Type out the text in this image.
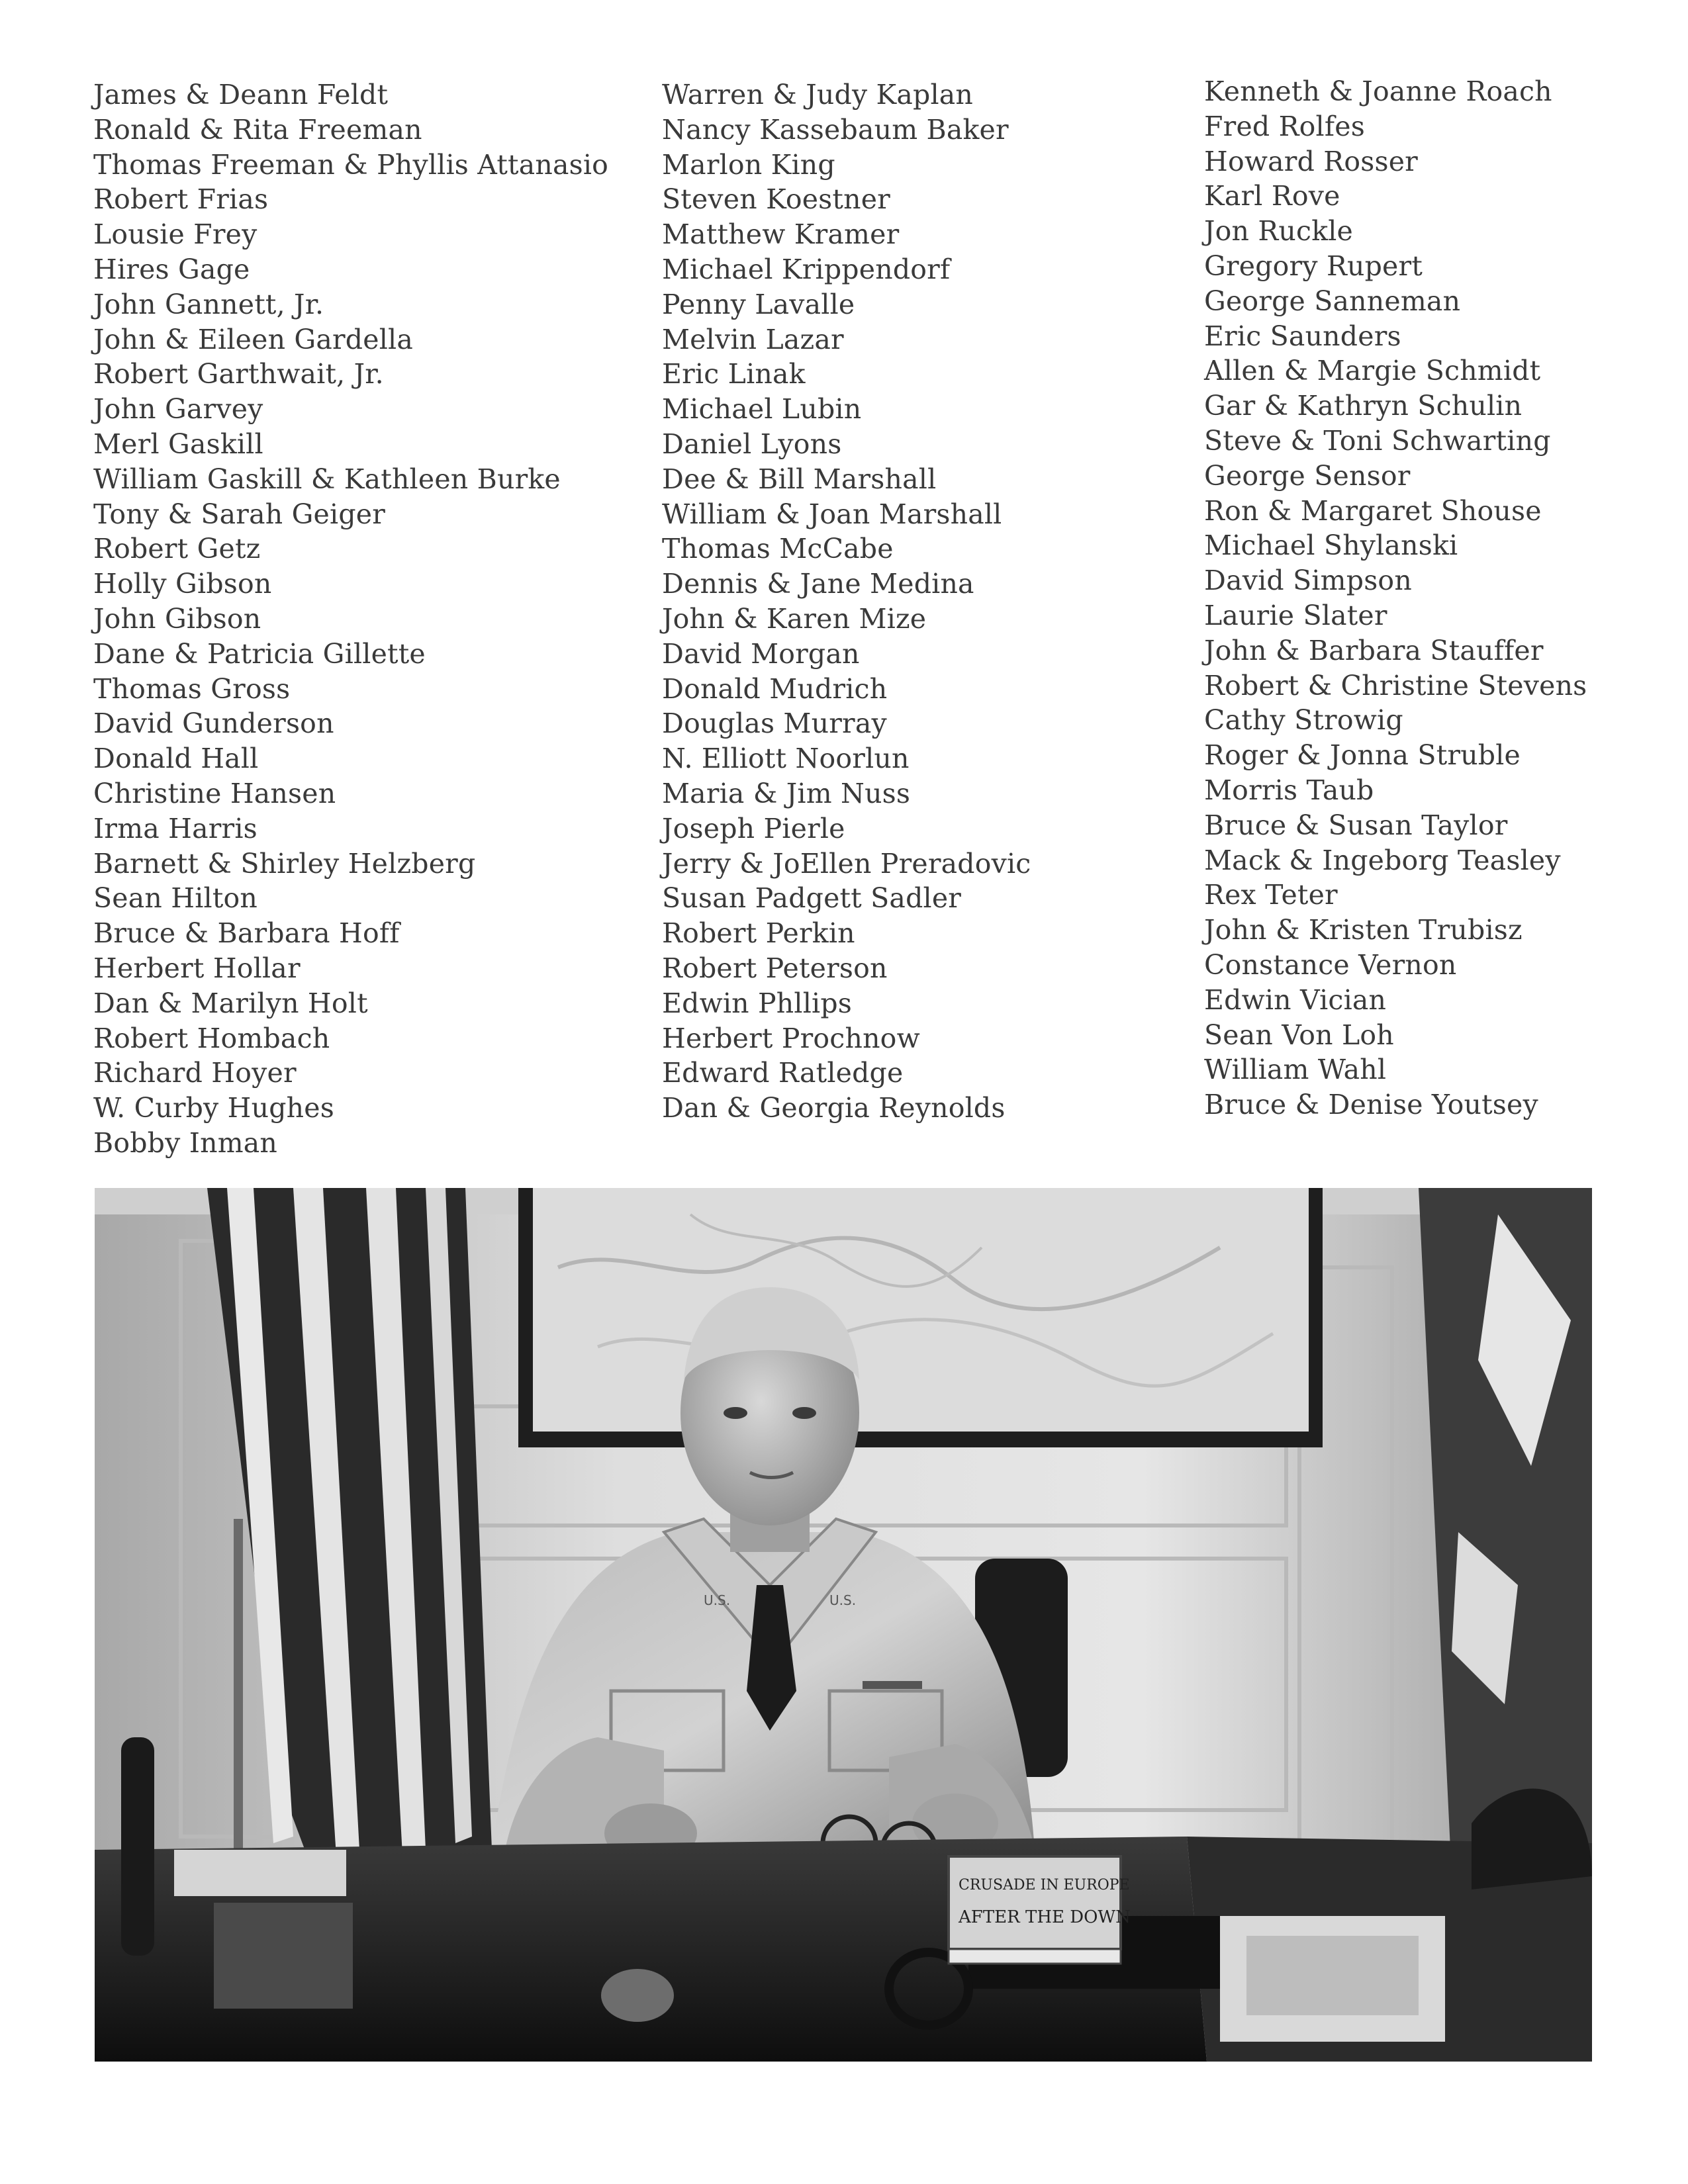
James & Deann Feldt
Ronald & Rita Freeman
Thomas Freeman & Phyllis Attanasio
Robert Frias
Lousie Frey
Hires Gage
John Gannett, Jr.
John & Eileen Gardella
Robert Garthwait, Jr.
John Garvey
Merl Gaskill
William Gaskill & Kathleen Burke
Tony & Sarah Geiger
Robert Getz
Holly Gibson
John Gibson
Dane & Patricia Gillette
Thomas Gross
David Gunderson
Donald Hall
Christine Hansen
Irma Harris
Barnett & Shirley Helzberg
Sean Hilton
Bruce & Barbara Hoff
Herbert Hollar
Dan & Marilyn Holt
Robert Hombach
Richard Hoyer
W. Curby Hughes
Bobby Inman
Warren & Judy Kaplan
Nancy Kassebaum Baker
Marlon King
Steven Koestner
Matthew Kramer
Michael Krippendorf
Penny Lavalle
Melvin Lazar
Eric Linak
Michael Lubin
Daniel Lyons
Dee & Bill Marshall
William & Joan Marshall
Thomas McCabe
Dennis & Jane Medina
John & Karen Mize
David Morgan
Donald Mudrich
Douglas Murray
N. Elliott Noorlun
Maria & Jim Nuss
Joseph Pierle
Jerry & JoEllen Preradovic
Susan Padgett Sadler
Robert Perkin
Robert Peterson
Edwin Phllips
Herbert Prochnow
Edward Ratledge
Dan & Georgia Reynolds
Kenneth & Joanne Roach
Fred Rolfes
Howard Rosser
Karl Rove
Jon Ruckle
Gregory Rupert
George Sanneman
Eric Saunders
Allen & Margie Schmidt
Gar & Kathryn Schulin
Steve & Toni Schwarting
George Sensor
Ron & Margaret Shouse
Michael Shylanski
David Simpson
Laurie Slater
John & Barbara Stauffer
Robert & Christine Stevens
Cathy Strowig
Roger & Jonna Struble
Morris Taub
Bruce & Susan Taylor
Mack & Ingeborg Teasley
Rex Teter
John & Kristen Trubisz
Constance Vernon
Edwin Vician
Sean Von Loh
William Wahl
Bruce & Denise Youtsey
U.S.	U.S.
CRUSADE IN EUROPE
AFTER THE DOWN
